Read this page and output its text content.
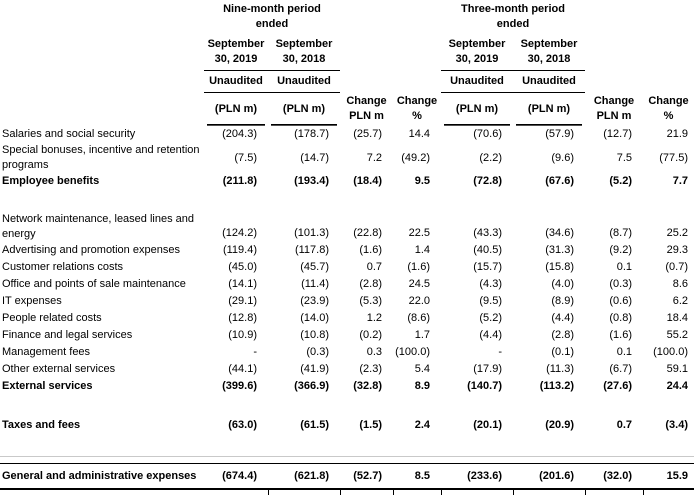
	Nine-month period ended				Three-month period ended			
	September 30, 2019	September 30, 2018			September 30, 2019	September 30, 2018		
	Unaudited	Unaudited			Unaudited	Unaudited		
	(PLN m)	(PLN m)	Change PLN m	Change %	(PLN m)	(PLN m)	Change PLN m	Change %
Salaries and social security	(204.3)	(178.7)	(25.7)	14.4	(70.6)	(57.9)	(12.7)	21.9
Special bonuses, incentive and retention programs	(7.5)	(14.7)	7.2	(49.2)	(2.2)	(9.6)	7.5	(77.5)
Employee benefits	(211.8)	(193.4)	(18.4)	9.5	(72.8)	(67.6)	(5.2)	7.7

Network maintenance, leased lines and energy	(124.2)	(101.3)	(22.8)	22.5	(43.3)	(34.6)	(8.7)	25.2
Advertising and promotion expenses	(119.4)	(117.8)	(1.6)	1.4	(40.5)	(31.3)	(9.2)	29.3
Customer relations costs	(45.0)	(45.7)	0.7	(1.6)	(15.7)	(15.8)	0.1	(0.7)
Office and points of sale maintenance	(14.1)	(11.4)	(2.8)	24.5	(4.3)	(4.0)	(0.3)	8.6
IT expenses	(29.1)	(23.9)	(5.3)	22.0	(9.5)	(8.9)	(0.6)	6.2
People related costs	(12.8)	(14.0)	1.2	(8.6)	(5.2)	(4.4)	(0.8)	18.4
Finance and legal services	(10.9)	(10.8)	(0.2)	1.7	(4.4)	(2.8)	(1.6)	55.2
Management fees	-	(0.3)	0.3	(100.0)	-	(0.1)	0.1	(100.0)
Other external services	(44.1)	(41.9)	(2.3)	5.4	(17.9)	(11.3)	(6.7)	59.1
External services	(399.6)	(366.9)	(32.8)	8.9	(140.7)	(113.2)	(27.6)	24.4

Taxes and fees	(63.0)	(61.5)	(1.5)	2.4	(20.1)	(20.9)	0.7	(3.4)

General and administrative expenses	(674.4)	(621.8)	(52.7)	8.5	(233.6)	(201.6)	(32.0)	15.9
